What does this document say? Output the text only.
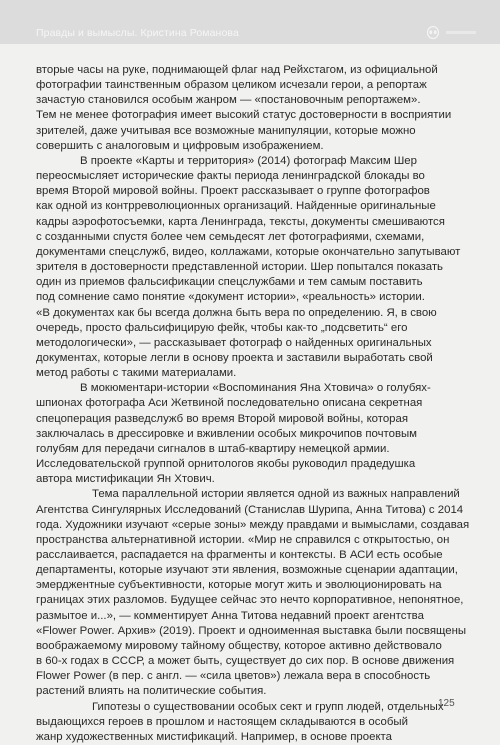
Правды и вымыслы. Кристина Романова
вторые часы на руке, поднимающей флаг над Рейхстагом, из официальной
фотографии таинственным образом целиком исчезали герои, а репортаж
зачастую становился особым жанром — «постановочным репортажем».
Тем не менее фотография имеет высокий статус достоверности в восприятии
зрителей, даже учитывая все возможные манипуляции, которые можно
совершить с аналоговым и цифровым изображением.
В проекте «Карты и территория» (2014) фотограф Максим Шер
переосмысляет исторические факты периода ленинградской блокады во
время Второй мировой войны. Проект рассказывает о группе фотографов
как одной из контрреволюционных организаций. Найденные оригинальные
кадры аэрофотосъемки, карта Ленинграда, тексты, документы смешиваются
с созданными спустя более чем семьдесят лет фотографиями, схемами,
документами спецслужб, видео, коллажами, которые окончательно запутывают
зрителя в достоверности представленной истории. Шер попытался показать
один из приемов фальсификации спецслужбами и тем самым поставить
под сомнение само понятие «документ истории», «реальность» истории.
«В документах как бы всегда должна быть вера по определению. Я, в свою
очередь, просто фальсифицирую фейк, чтобы как-то „подсветить“ его
методологически», — рассказывает фотограф о найденных оригинальных
документах, которые легли в основу проекта и заставили выработать свой
метод работы с такими материалами.
В мокюментари-истории «Воспоминания Яна Хтовича» о голубях-
шпионах фотографа Аси Жетвиной последовательно описана секретная
спецоперация разведслужб во время Второй мировой войны, которая
заключалась в дрессировке и вживлении особых микрочипов почтовым
голубям для передачи сигналов в штаб-квартиру немецкой армии.
Исследовательской группой орнитологов якобы руководил прадедушка
автора мистификации Ян Хтович.
Тема параллельной истории является одной из важных направлений
Агентства Сингулярных Исследований (Станислав Шурипа, Анна Титова) с 2014
года. Художники изучают «серые зоны» между правдами и вымыслами, создавая
пространства альтернативной истории. «Мир не справился с открытостью, он
расслаивается, распадается на фрагменты и контексты. В АСИ есть особые
департаменты, которые изучают эти явления, возможные сценарии адаптации,
эмерджентные субъективности, которые могут жить и эволюционировать на
границах этих разломов. Будущее сейчас это нечто корпоративное, непонятное,
размытое и...», — комментирует Анна Титова недавний проект агентства
«Flower Power. Архив» (2019). Проект и одноименная выставка были посвящены
воображаемому мировому тайному обществу, которое активно действовало
в 60-х годах в СССР, а может быть, существует до сих пор. В основе движения
Flower Power (в пер. с англ. — «сила цветов») лежала вера в способность
растений влиять на политические события.
Гипотезы о существовании особых сект и групп людей, отдельных
выдающихся героев в прошлом и настоящем складываются в особый
жанр художественных мистификаций. Например, в основе проекта
125
